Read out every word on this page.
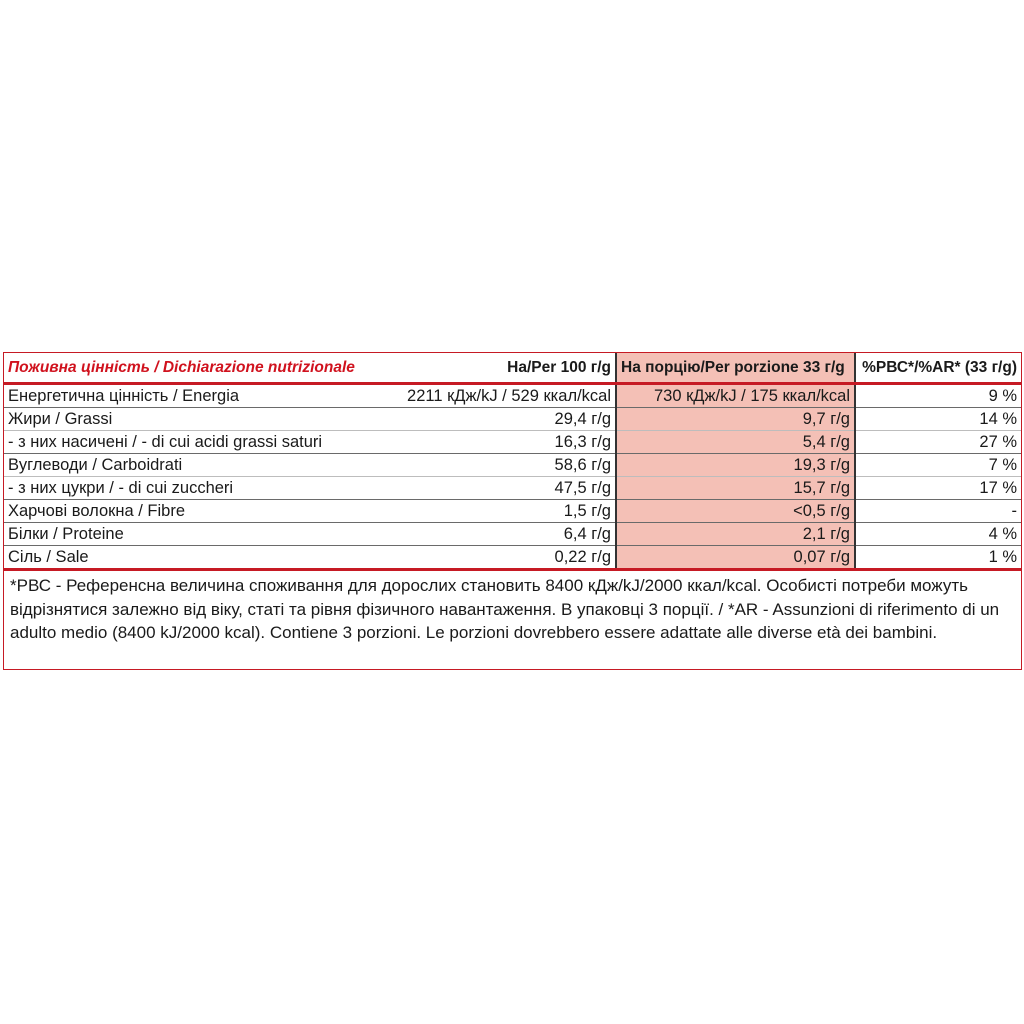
Поживна цінність / Dichiarazione nutrizionale	На/Per 100 г/g	На порцію/Per porzione 33 г/g	%РВС*/%AR* (33 г/g)
Енергетична цінність / Energia	2211 кДж/kJ / 529 ккал/kcal	730 кДж/kJ / 175 ккал/kcal	9 %
Жири / Grassi	29,4 г/g	9,7 г/g	14 %
- з них насичені / - di cui acidi grassi saturi	16,3 г/g	5,4 г/g	27 %
Вуглеводи / Carboidrati	58,6 г/g	19,3 г/g	7 %
- з них цукри / - di cui zuccheri	47,5 г/g	15,7 г/g	17 %
Харчові волокна / Fibre	1,5 г/g	<0,5 г/g	-
Білки / Proteine	6,4 г/g	2,1 г/g	4 %
Сіль / Sale	0,22 г/g	0,07 г/g	1 %

*РВС - Референсна величина споживання для дорослих становить 8400 кДж/kJ/2000 ккал/kcal. Особисті потреби можуть відрізнятися залежно від віку, статі та рівня фізичного навантаження. В упаковці 3 порції. / *AR - Assunzioni di riferimento di un adulto medio (8400 kJ/2000 kcal). Contiene 3 porzioni. Le porzioni dovrebbero essere adattate alle diverse età dei bambini.
